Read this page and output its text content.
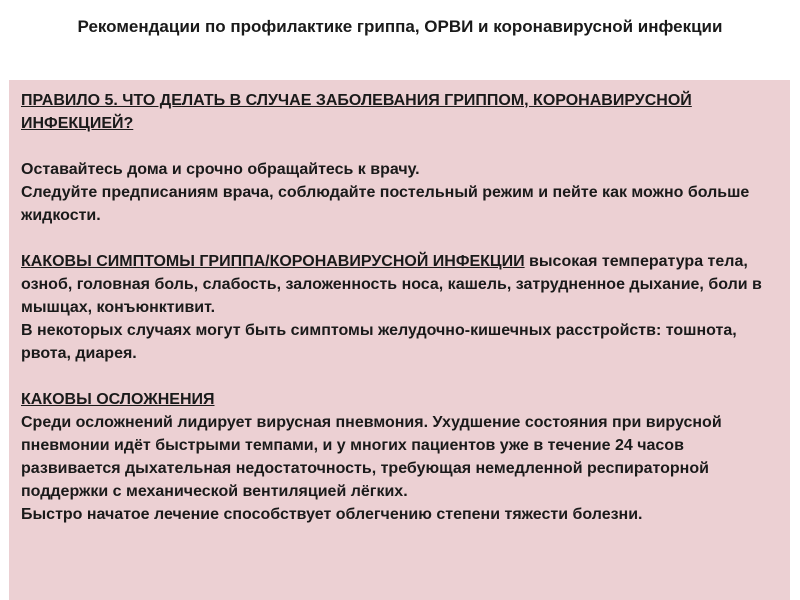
Рекомендации по профилактике гриппа, ОРВИ и коронавирусной инфекции

ПРАВИЛО 5. ЧТО ДЕЛАТЬ В СЛУЧАЕ ЗАБОЛЕВАНИЯ ГРИППОМ, КОРОНАВИРУСНОЙ ИНФЕКЦИЕЙ?

Оставайтесь дома и срочно обращайтесь к врачу.

Следуйте предписаниям врача, соблюдайте постельный режим и пейте как можно больше жидкости.

КАКОВЫ СИМПТОМЫ ГРИППА/КОРОНАВИРУСНОЙ ИНФЕКЦИИ высокая температура тела, озноб, головная боль, слабость, заложенность носа, кашель, затрудненное дыхание, боли в мышцах, конъюнктивит.

В некоторых случаях могут быть симптомы желудочно-кишечных расстройств: тошнота, рвота, диарея.

КАКОВЫ ОСЛОЖНЕНИЯ

Среди осложнений лидирует вирусная пневмония. Ухудшение состояния при вирусной пневмонии идёт быстрыми темпами, и у многих пациентов уже в течение 24 часов развивается дыхательная недостаточность, требующая немедленной респираторной поддержки с механической вентиляцией лёгких.

Быстро начатое лечение способствует облегчению степени тяжести болезни.
